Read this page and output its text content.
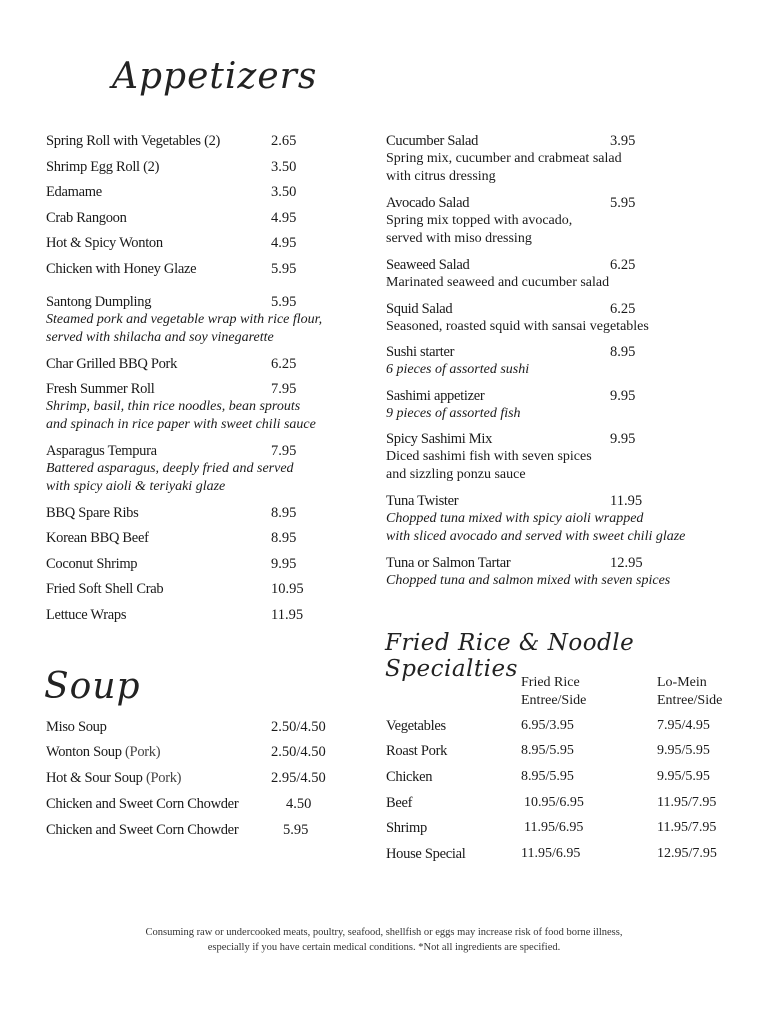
Appetizers
Soup
Fried Rice & Noodle Specialties
Spring Roll with Vegetables (2)	2.65
Shrimp Egg Roll (2)	3.50
Edamame	3.50
Crab Rangoon	4.95
Hot & Spicy Wonton	4.95
Chicken with Honey Glaze	5.95
Santong Dumpling	5.95
Steamed pork and vegetable wrap with rice flour,
served with shilacha and soy vinegarette
Char Grilled BBQ Pork	6.25
Fresh Summer Roll	7.95
Shrimp, basil, thin rice noodles, bean sprouts
and spinach in rice paper with sweet chili sauce
Asparagus Tempura	7.95
Battered asparagus, deeply fried and served
with spicy aioli & teriyaki glaze
BBQ Spare Ribs	8.95
Korean BBQ Beef	8.95
Coconut Shrimp	9.95
Fried Soft Shell Crab	10.95
Lettuce Wraps	11.95
Cucumber Salad	3.95
Spring mix, cucumber and crabmeat salad
with citrus dressing
Avocado Salad	5.95
Spring mix topped with avocado,
served with miso dressing
Seaweed Salad	6.25
Marinated seaweed and cucumber salad
Squid Salad	6.25
Seasoned, roasted squid with sansai vegetables
Sushi starter	8.95
6 pieces of assorted sushi
Sashimi appetizer	9.95
9 pieces of assorted fish
Spicy Sashimi Mix	9.95
Diced sashimi fish with seven spices
and sizzling ponzu sauce
Tuna Twister	11.95
Chopped tuna mixed with spicy aioli wrapped
with sliced avocado and served with sweet chili glaze
Tuna or Salmon Tartar	12.95
Chopped tuna and salmon mixed with seven spices
Miso Soup	2.50/4.50
Wonton Soup (Pork)	2.50/4.50
Hot & Sour Soup (Pork)	2.95/4.50
Chicken and Sweet Corn Chowder	4.50
Chicken and Sweet Corn Chowder	5.95
Fried Rice
Entree/Side
Lo-Mein
Entree/Side
Vegetables	6.95/3.95	7.95/4.95
Roast Pork	8.95/5.95	9.95/5.95
Chicken	8.95/5.95	9.95/5.95
Beef	10.95/6.95	11.95/7.95
Shrimp	11.95/6.95	11.95/7.95
House Special	11.95/6.95	12.95/7.95
Consuming raw or undercooked meats, poultry, seafood, shellfish or eggs may increase risk of food borne illness,
especially if you have certain medical conditions. *Not all ingredients are specified.
